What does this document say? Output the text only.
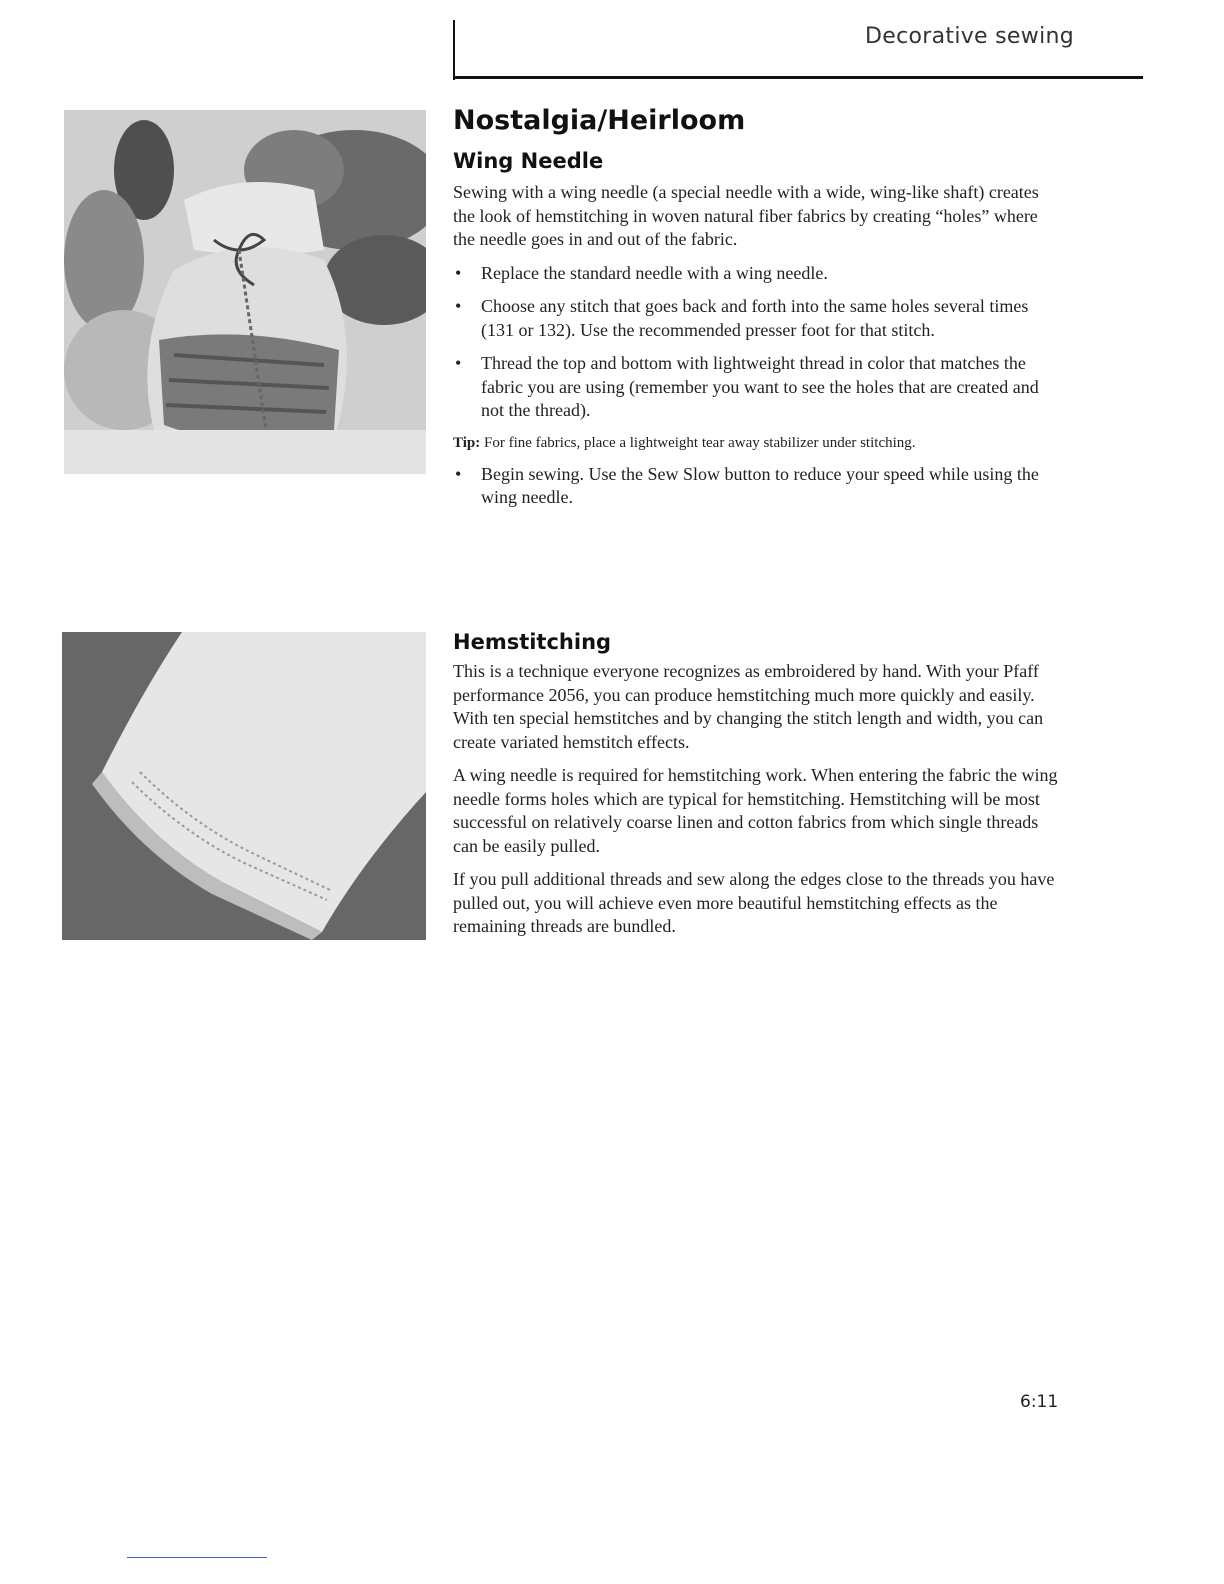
Decorative sewing
Nostalgia/Heirloom
Wing Needle

Sewing with a wing needle (a special needle with a wide, wing-like shaft) creates the look of hemstitching in woven natural fiber fabrics by creating “holes” where the needle goes in and out of the fabric.

• Replace the standard needle with a wing needle.
• Choose any stitch that goes back and forth into the same holes several times (131 or 132). Use the recommended presser foot for that stitch.
• Thread the top and bottom with lightweight thread in color that matches the fabric you are using (remember you want to see the holes that are created and not the thread).
Tip: For fine fabrics, place a lightweight tear away stabilizer under stitching.
• Begin sewing. Use the Sew Slow button to reduce your speed while using the wing needle.
Hemstitching

This is a technique everyone recognizes as embroidered by hand. With your Pfaff performance 2056, you can produce hemstitching much more quickly and easily. With ten special hemstitches and by changing the stitch length and width, you can create variated hemstitch effects.

A wing needle is required for hemstitching work. When entering the fabric the wing needle forms holes which are typical for hemstitching. Hemstitching will be most successful on relatively coarse linen and cotton fabrics from which single threads can be easily pulled.

If you pull additional threads and sew along the edges close to the threads you have pulled out, you will achieve even more beautiful hemstitching effects as the remaining threads are bundled.

6:11
